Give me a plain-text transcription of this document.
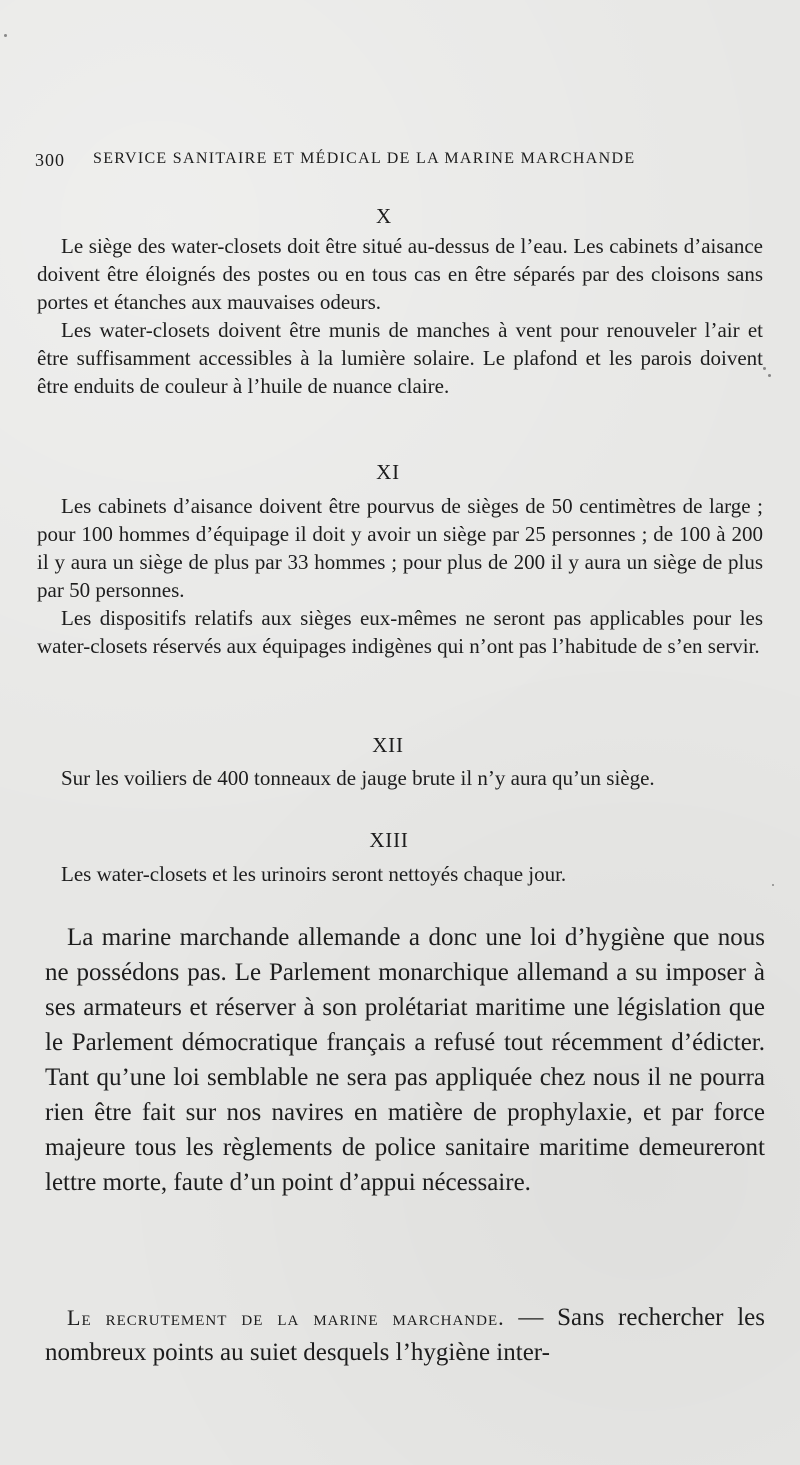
300 SERVICE SANITAIRE ET MÉDICAL DE LA MARINE MARCHANDE
X

Le siège des water-closets doit être situé au-dessus de l’eau. Les cabinets d’aisance doivent être éloignés des postes ou en tous cas en être séparés par des cloisons sans portes et étanches aux mauvaises odeurs.

Les water-closets doivent être munis de manches à vent pour renouveler l’air et être suffisamment accessibles à la lumière solaire. Le plafond et les parois doivent être enduits de couleur à l’huile de nuance claire.

XI

Les cabinets d’aisance doivent être pourvus de sièges de 50 centimètres de large ; pour 100 hommes d’équipage il doit y avoir un siège par 25 personnes ; de 100 à 200 il y aura un siège de plus par 33 hommes ; pour plus de 200 il y aura un siège de plus par 50 personnes.

Les dispositifs relatifs aux sièges eux-mêmes ne seront pas applicables pour les water-closets réservés aux équipages indigènes qui n’ont pas l’habitude de s’en servir.

XII

Sur les voiliers de 400 tonneaux de jauge brute il n’y aura qu’un siège.

XIII

Les water-closets et les urinoirs seront nettoyés chaque jour.

La marine marchande allemande a donc une loi d’hygiène que nous ne possédons pas. Le Parlement monarchique allemand a su imposer à ses armateurs et réserver à son prolétariat maritime une législation que le Parlement démocratique français a refusé tout récemment d’édicter. Tant qu’une loi semblable ne sera pas appliquée chez nous il ne pourra rien être fait sur nos navires en matière de prophylaxie, et par force majeure tous les règlements de police sanitaire maritime demeureront lettre morte, faute d’un point d’appui nécessaire.

Le recrutement de la marine marchande. — Sans rechercher les nombreux points au suiet desquels l’hygiène inter-
